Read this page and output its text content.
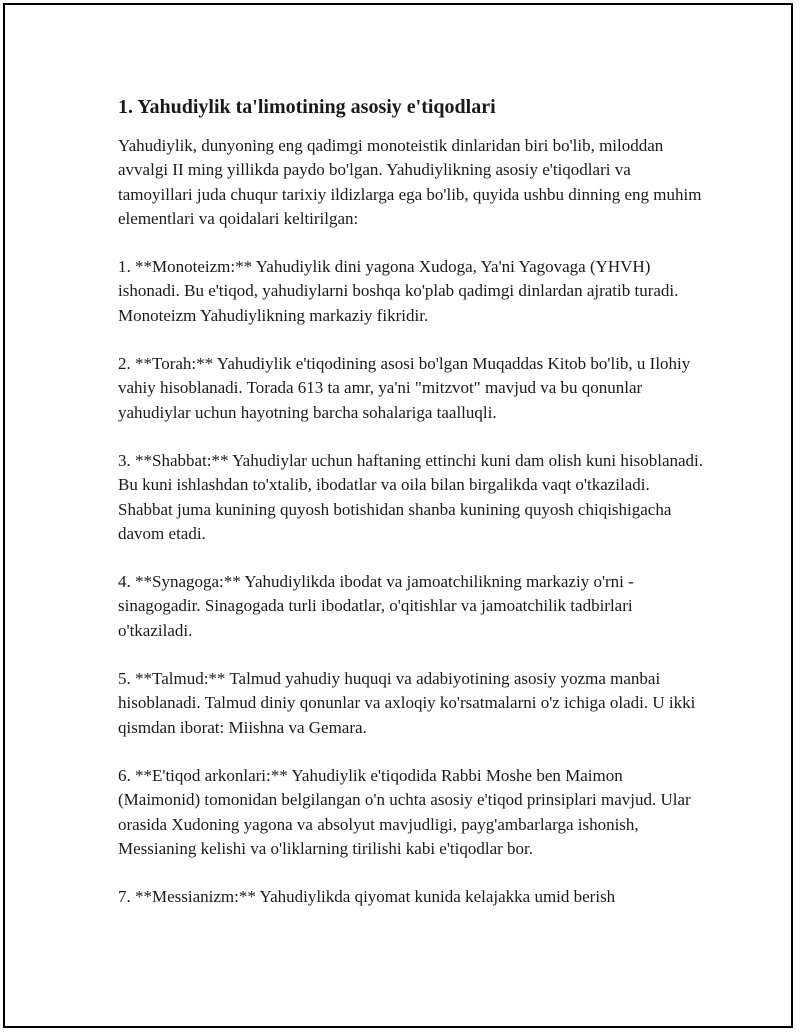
1. Yahudiylik ta'limotining asosiy e'tiqodlari

Yahudiylik, dunyoning eng qadimgi monoteistik dinlaridan biri bo'lib, miloddan avvalgi II ming yillikda paydo bo'lgan. Yahudiylikning asosiy e'tiqodlari va tamoyillari juda chuqur tarixiy ildizlarga ega bo'lib, quyida ushbu dinning eng muhim elementlari va qoidalari keltirilgan:

1. **Monoteizm:** Yahudiylik dini yagona Xudoga, Ya'ni Yagovaga (YHVH) ishonadi. Bu e'tiqod, yahudiylarni boshqa ko'plab qadimgi dinlardan ajratib turadi. Monoteizm Yahudiylikning markaziy fikridir.

2. **Torah:** Yahudiylik e'tiqodining asosi bo'lgan Muqaddas Kitob bo'lib, u Ilohiy vahiy hisoblanadi. Torada 613 ta amr, ya'ni "mitzvot" mavjud va bu qonunlar yahudiylar uchun hayotning barcha sohalariga taalluqli.

3. **Shabbat:** Yahudiylar uchun haftaning ettinchi kuni dam olish kuni hisoblanadi. Bu kuni ishlashdan to'xtalib, ibodatlar va oila bilan birgalikda vaqt o'tkaziladi. Shabbat juma kunining quyosh botishidan shanba kunining quyosh chiqishigacha davom etadi.

4. **Synagoga:** Yahudiylikda ibodat va jamoatchilikning markaziy o'rni - sinagogadir. Sinagogada turli ibodatlar, o'qitishlar va jamoatchilik tadbirlari o'tkaziladi.

5. **Talmud:** Talmud yahudiy huquqi va adabiyotining asosiy yozma manbai hisoblanadi. Talmud diniy qonunlar va axloqiy ko'rsatmalarni o'z ichiga oladi. U ikki qismdan iborat: Miishna va Gemara.

6. **E'tiqod arkonlari:** Yahudiylik e'tiqodida Rabbi Moshe ben Maimon (Maimonid) tomonidan belgilangan o'n uchta asosiy e'tiqod prinsiplari mavjud. Ular orasida Xudoning yagona va absolyut mavjudligi, payg'ambarlarga ishonish, Messianing kelishi va o'liklarning tirilishi kabi e'tiqodlar bor.

7. **Messianizm:** Yahudiylikda qiyomat kunida kelajakka umid berish
